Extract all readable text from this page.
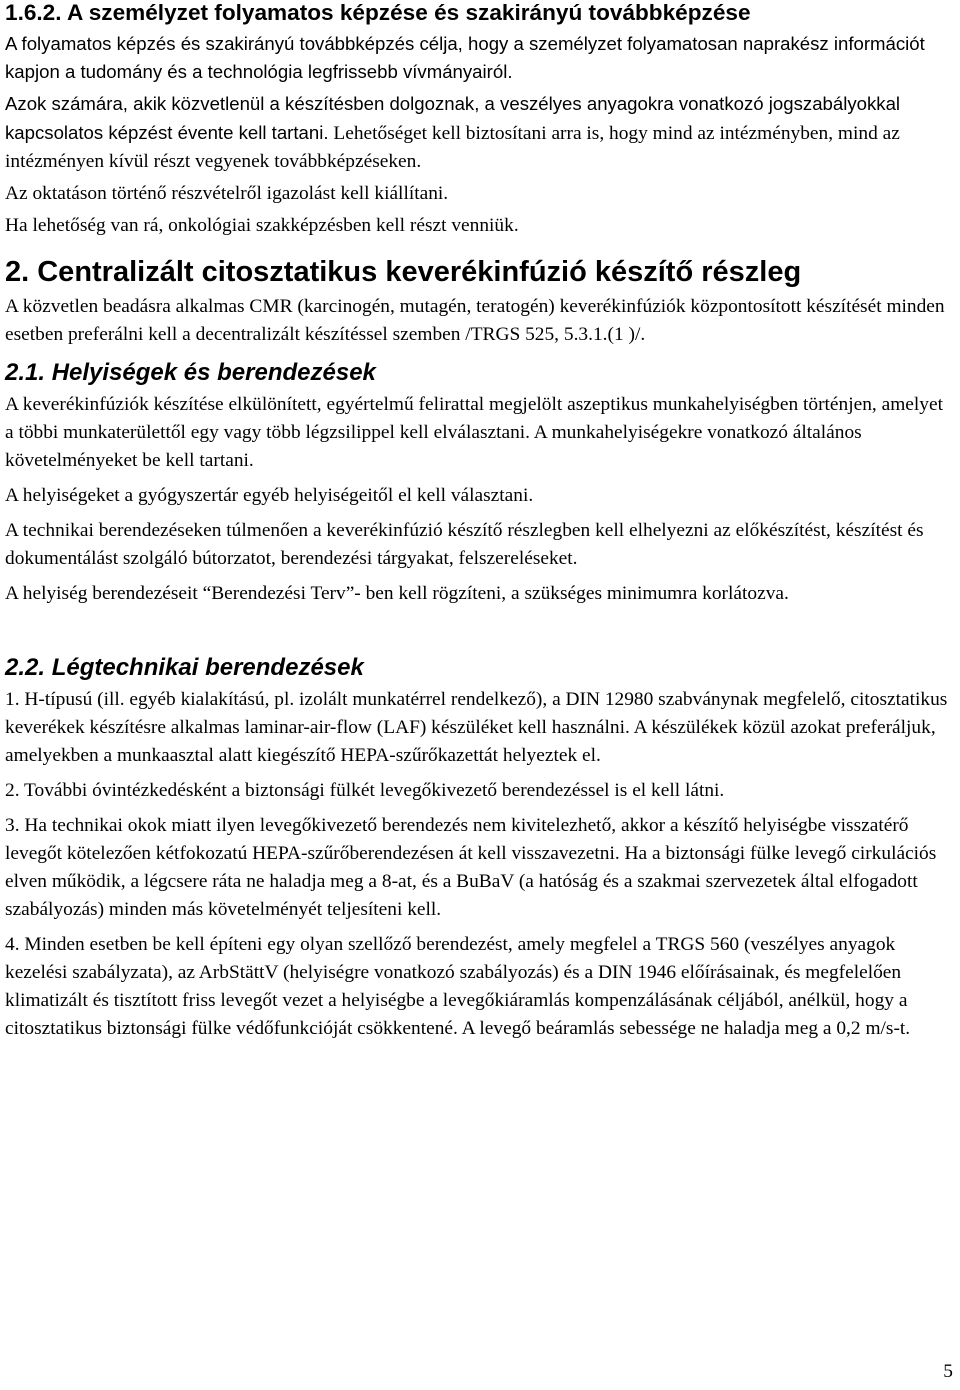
1.6.2. A személyzet folyamatos képzése és szakirányú továbbképzése

A folyamatos képzés és szakirányú továbbképzés célja, hogy a személyzet folyamatosan naprakész információt kapjon a tudomány és a technológia legfrissebb vívmányairól.

Azok számára, akik közvetlenül a készítésben dolgoznak, a veszélyes anyagokra vonatkozó jogszabályokkal kapcsolatos képzést évente kell tartani. Lehetőséget kell biztosítani arra is, hogy mind az intézményben, mind az intézményen kívül részt vegyenek továbbképzéseken.

Az oktatáson történő részvételről igazolást kell kiállítani.

Ha lehetőség van rá, onkológiai szakképzésben kell részt venniük.

2. Centralizált citosztatikus keverékinfúzió készítő részleg

A közvetlen beadásra alkalmas CMR (karcinogén, mutagén, teratogén) keverékinfúziók központosított készítését minden esetben preferálni kell a decentralizált készítéssel szemben /TRGS 525, 5.3.1.(1 )/.

2.1. Helyiségek és berendezések

A keverékinfúziók készítése elkülönített, egyértelmű felirattal megjelölt aszeptikus munkahelyiségben történjen, amelyet a többi munkaterülettől egy vagy több légzsilippel kell elválasztani. A munkahelyiségekre vonatkozó általános követelményeket be kell tartani.

A helyiségeket a gyógyszertár egyéb helyiségeitől el kell választani.

A technikai berendezéseken túlmenően a keverékinfúzió készítő részlegben kell elhelyezni az előkészítést, készítést és dokumentálást szolgáló bútorzatot, berendezési tárgyakat, felszereléseket.

A helyiség berendezéseit “Berendezési Terv”- ben kell rögzíteni, a szükséges minimumra korlátozva.

2.2. Légtechnikai berendezések

1. H-típusú (ill. egyéb kialakítású, pl. izolált munkatérrel rendelkező), a DIN 12980 szabványnak megfelelő, citosztatikus keverékek készítésre alkalmas laminar-air-flow (LAF) készüléket kell használni. A készülékek közül azokat preferáljuk, amelyekben a munkaasztal alatt kiegészítő HEPA-szűrőkazettát helyeztek el.

2. További óvintézkedésként a biztonsági fülkét levegőkivezető berendezéssel is el kell látni.

3. Ha technikai okok miatt ilyen levegőkivezető berendezés nem kivitelezhető, akkor a készítő helyiségbe visszatérő levegőt kötelezően kétfokozatú HEPA-szűrőberendezésen át kell visszavezetni. Ha a biztonsági fülke levegő cirkulációs elven működik, a légcsere ráta ne haladja meg a 8-at, és a BuBaV (a hatóság és a szakmai szervezetek által elfogadott szabályozás) minden más követelményét teljesíteni kell.

4. Minden esetben be kell építeni egy olyan szellőző berendezést, amely megfelel a TRGS 560 (veszélyes anyagok kezelési szabályzata), az ArbStättV (helyiségre vonatkozó szabályozás) és a DIN 1946 előírásainak, és megfelelően klimatizált és tisztított friss levegőt vezet a helyiségbe a levegőkiáramlás kompenzálásának céljából, anélkül, hogy a citosztatikus biztonsági fülke védőfunkcióját csökkentené. A levegő beáramlás sebessége ne haladja meg a 0,2 m/s-t.

5
